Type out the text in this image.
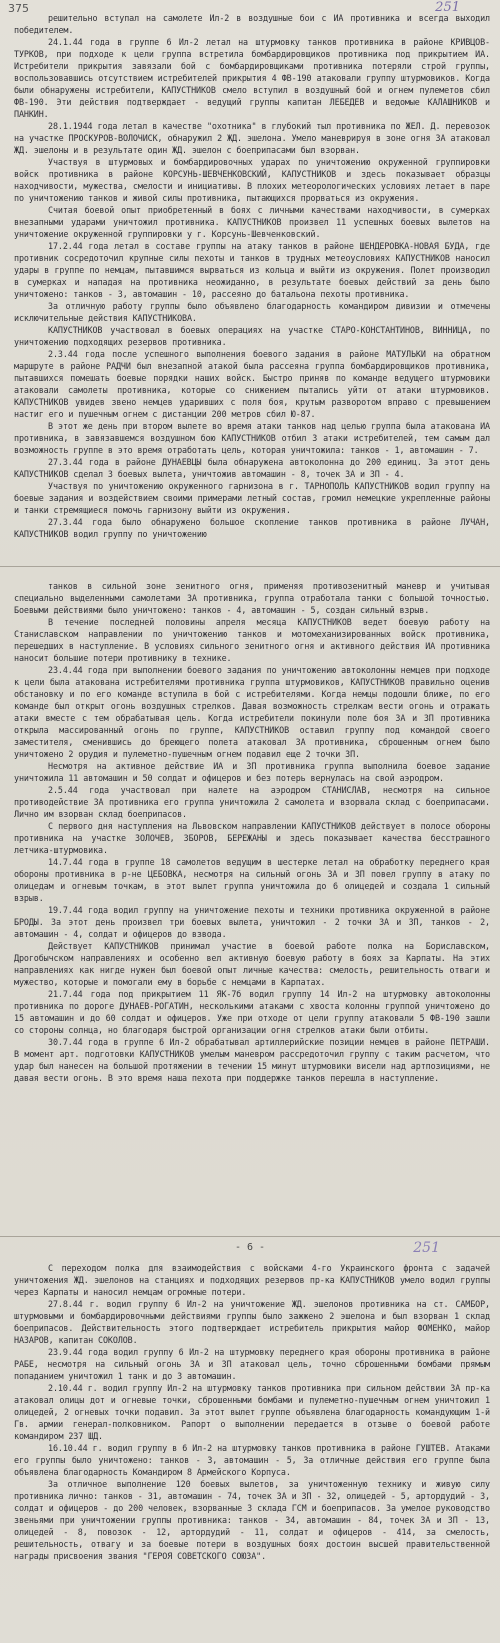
375	251

решительно вступал на самолете Ил-2 в воздушные бои с ИА противника и всегда выходил победителем.

24.1.44 года в группе 6 Ил-2 летал на штурмовку танков противника в районе КРИВЦОВ-ТУРКОВ, при подходе к цели группа встретила бомбардировщиков противника под прикрытием ИА. Истребители прикрытия завязали бой с бомбардировщиками противника потеряли строй группы, воспользовавшись отсутствием истребителей прикрытия 4 ФВ-190 атаковали группу штурмовиков. Когда были обнаружены истребители, КАПУСТНИКОВ смело вступил в воздушный бой и огнем пулеметов сбил ФВ-190. Эти действия подтверждает - ведущий группы капитан ЛЕБЕДЕВ и ведомые КАЛАШНИКОВ и ПАНКИН.

28.1.1944 года летал в качестве "охотника" в глубокий тыл противника по ЖЕЛ. Д. перевозок на участке ПРОСКУРОВ-ВОЛОЧИСК, обнаружил 2 ЖД. эшелона. Умело маневрируя в зоне огня ЗА атаковал ЖД. эшелоны и в результате один ЖД. эшелон с боеприпасами был взорван.

Участвуя в штурмовых и бомбардировочных ударах по уничтожению окруженной группировки войск противника в районе КОРСУНЬ-ШЕВЧЕНКОВСКИЙ, КАПУСТНИКОВ и здесь показывает образцы находчивости, мужества, смелости и инициативы. В плохих метеорологических условиях летает в паре по уничтожению танков и живой силы противника, пытающихся прорваться из окружения.

Считая боевой опыт приобретенный в боях с личными качествами находчивости, в сумерках внезапными ударами уничтожил противника. КАПУСТНИКОВ произвел 11 успешных боевых вылетов на уничтожение окруженной группировки у г. Корсунь-Шевченковский.

17.2.44 года летал в составе группы на атаку танков в районе ШЕНДЕРОВКА-НОВАЯ БУДА, где противник сосредоточил крупные силы пехоты и танков в трудных метеоусловиях КАПУСТНИКОВ наносил удары в группе по немцам, пытавшимся вырваться из кольца и выйти из окружения. Полет производил в сумерках и нападая на противника неожиданно, в результате боевых действий за день было уничтожено: танков - 3, автомашин - 10, рассеяно до батальона пехоты противника.

За отличную работу группы было объявлено благодарность командиром дивизии и отмечены исключительные действия КАПУСТНИКОВА.

КАПУСТНИКОВ участвовал в боевых операциях на участке СТАРО-КОНСТАНТИНОВ, ВИННИЦА, по уничтожению подходящих резервов противника.

2.3.44 года после успешного выполнения боевого задания в районе МАТУЛЬКИ на обратном маршруте в районе РАДЧИ был внезапной атакой была рассеяна группа бомбардировщиков противника, пытавшихся помешать боевые порядки наших войск. Быстро приняв по команде ведущего штурмовики атаковали самолеты противника, которые со снижением пытались уйти от атаки штурмовиков. КАПУСТНИКОВ увидев звено немцев ударивших с поля боя, крутым разворотом вправо с превышением настиг его и пушечным огнем с дистанции 200 метров сбил Ю-87.

В этот же день при втором вылете во время атаки танков над целью группа была атакована ИА противника, в завязавшемся воздушном бою КАПУСТНИКОВ отбил 3 атаки истребителей, тем самым дал возможность группе в это время отработать цель, которая уничтожила: танков - 1, автомашин - 7.

27.3.44 года в районе ДУНАЕВЦЫ была обнаружена автоколонна до 200 единиц. За этот день КАПУСТНИКОВ сделал 3 боевых вылета, уничтожив автомашин - 8, точек ЗА и ЗП - 4.

Участвуя по уничтожению окруженного гарнизона в г. ТАРНОПОЛЬ КАПУСТНИКОВ водил группу на боевые задания и воздействием своими примерами летный состав, громил немецкие укрепленные районы и танки стремящиеся помочь гарнизону выйти из окружения.

27.3.44 года было обнаружено большое скопление танков противника в районе ЛУЧАН, КАПУСТНИКОВ водил группу по уничтожению

танков в сильной зоне зенитного огня, применяя противозенитный маневр и учитывая специально выделенными самолетами ЗА противника, группа отработала танки с большой точностью. Боевыми действиями было уничтожено: танков - 4, автомашин - 5, создан сильный взрыв.

В течение последней половины апреля месяца КАПУСТНИКОВ ведет боевую работу на Станиславском направлении по уничтожению танков и мотомеханизированных войск противника, перешедших в наступление. В условиях сильного зенитного огня и активного действия ИА противника наносит большие потери противнику в технике.

23.4.44 года при выполнении боевого задания по уничтожению автоколонны немцев при подходе к цели была атакована истребителями противника группа штурмовиков, КАПУСТНИКОВ правильно оценив обстановку и по его команде вступила в бой с истребителями. Когда немцы подошли ближе, по его команде был открыт огонь воздушных стрелков. Давая возможность стрелкам вести огонь и отражать атаки вместе с тем обрабатывая цель. Когда истребители покинули поле боя ЗА и ЗП противника открыла массированный огонь по группе, КАПУСТНИКОВ оставил группу под командой своего заместителя, сменившись до бреющего полета атаковал ЗА противника, сброшенным огнем было уничтожено 2 орудия и пулеметно-пушечным огнем подавил еще 2 точки ЗП.

Несмотря на активное действие ИА и ЗП противника группа выполнила боевое задание уничтожила 11 автомашин и 50 солдат и офицеров и без потерь вернулась на свой аэродром.

2.5.44 года участвовал при налете на аэродром СТАНИСЛАВ, несмотря на сильное противодействие ЗА противника его группа уничтожила 2 самолета и взорвала склад с боеприпасами. Лично им взорван склад боеприпасов.

С первого дня наступления на Львовском направлении КАПУСТНИКОВ действует в полосе обороны противника на участке ЗОЛОЧЕВ, ЗБОРОВ, БЕРЕЖАНЫ и здесь показывает качества бесстрашного летчика-штурмовика.

14.7.44 года в группе 18 самолетов ведущим в шестерке летал на обработку переднего края обороны противника в р-не ЦЕБОВКА, несмотря на сильный огонь ЗА и ЗП повел группу в атаку по олицедам и огневым точкам, в этот вылет группа уничтожила до 6 олицедей и создала 1 сильный взрыв.

19.7.44 года водил группу на уничтожение пехоты и техники противника окруженной в районе БРОДЫ. За этот день произвел три боевых вылета, уничтожил - 2 точки ЗА и ЗП, танков - 2, автомашин - 4, солдат и офицеров до взвода.

Действует КАПУСТНИКОВ принимал участие в боевой работе полка на Бориславском, Дрогобычском направлениях и особенно вел активную боевую работу в боях за Карпаты. На этих направлениях как нигде нужен был боевой опыт личные качества: смелость, решительность отваги и мужество, которые и помогали ему в борьбе с немцами в Карпатах.

21.7.44 года под прикрытием 11 ЯК-7б водил группу 14 Ил-2 на штурмовку автоколонны противника по дороге ДУНАЕВ-РОГАТИН, несколькими атаками с хвоста колонны группой уничтожено до 15 автомашин и до 60 солдат и офицеров. Уже при отходе от цели группу атаковали 5 ФВ-190 зашли со стороны солнца, но благодаря быстрой организации огня стрелков атаки были отбиты.

30.7.44 года в группе 6 Ил-2 обрабатывал артиллерийские позиции немцев в районе ПЕТРАШИ. В момент арт. подготовки КАПУСТНИКОВ умелым маневром рассредоточил группу с таким расчетом, что удар был нанесен на большой протяжении в течении 15 минут штурмовики висели над артпозициями, не давая вести огонь. В это время наша пехота при поддержке танков перешла в наступление.

- 6 -	251

С переходом полка для взаимодействия с войсками 4-го Украинского фронта с задачей уничтожения ЖД. эшелонов на станциях и подходящих резервов пр-ка КАПУСТНИКОВ умело водил группы через Карпаты и наносил немцам огромные потери.

27.8.44 г. водил группу 6 Ил-2 на уничтожение ЖД. эшелонов противника на ст. САМБОР, штурмовыми и бомбардировочными действиями группы было зажжено 2 эшелона и был взорван 1 склад боеприпасов. Действительность этого подтверждает истребитель прикрытия майор ФОМЕНКО, майор НАЗАРОВ, капитан СОКОЛОВ.

23.9.44 года водил группу 6 Ил-2 на штурмовку переднего края обороны противника в районе РАБЕ, несмотря на сильный огонь ЗА и ЗП атаковал цель, точно сброшенными бомбами прямым попаданием уничтожил 1 танк и до 3 автомашин.

2.10.44 г. водил группу Ил-2 на штурмовку танков противника при сильном действии ЗА пр-ка атаковал олицы дот и огневые точки, сброшенными бомбами и пулеметно-пушечным огнем уничтожил 1 олицедей, 2 огневых точки подавил. За этот вылет группе объявлена благодарность командующим 1-й Гв. армии генерал-полковником. Рапорт о выполнении передается в отзыве о боевой работе командиром 237 ШД.

16.10.44 г. водил группу в 6 Ил-2 на штурмовку танков противника в районе ГУШТЕВ. Атаками его группы было уничтожено: танков - 3, автомашин - 5, За отличные действия его группе была объявлена благодарность Командиром 8 Армейского Корпуса.

За отличное выполнение 120 боевых вылетов, за уничтоженную технику и живую силу противника лично: танков - 31, автомашин - 74, точек ЗА и ЗП - 32, олицедей - 5, артордудий - 3, солдат и офицеров - до 200 человек, взорванные 3 склада ГСМ и боеприпасов. За умелое руководство звеньями при уничтожении группы противника: танков - 34, автомашин - 84, точек ЗА и ЗП - 13, олицедей - 8, повозок - 12, артордудий - 11, солдат и офицеров - 414, за смелость, решительность, отвагу и за боевые потери в воздушных боях достоин высшей правительственной награды присвоения звания "ГЕРОЯ СОВЕТСКОГО СОЮЗА".
